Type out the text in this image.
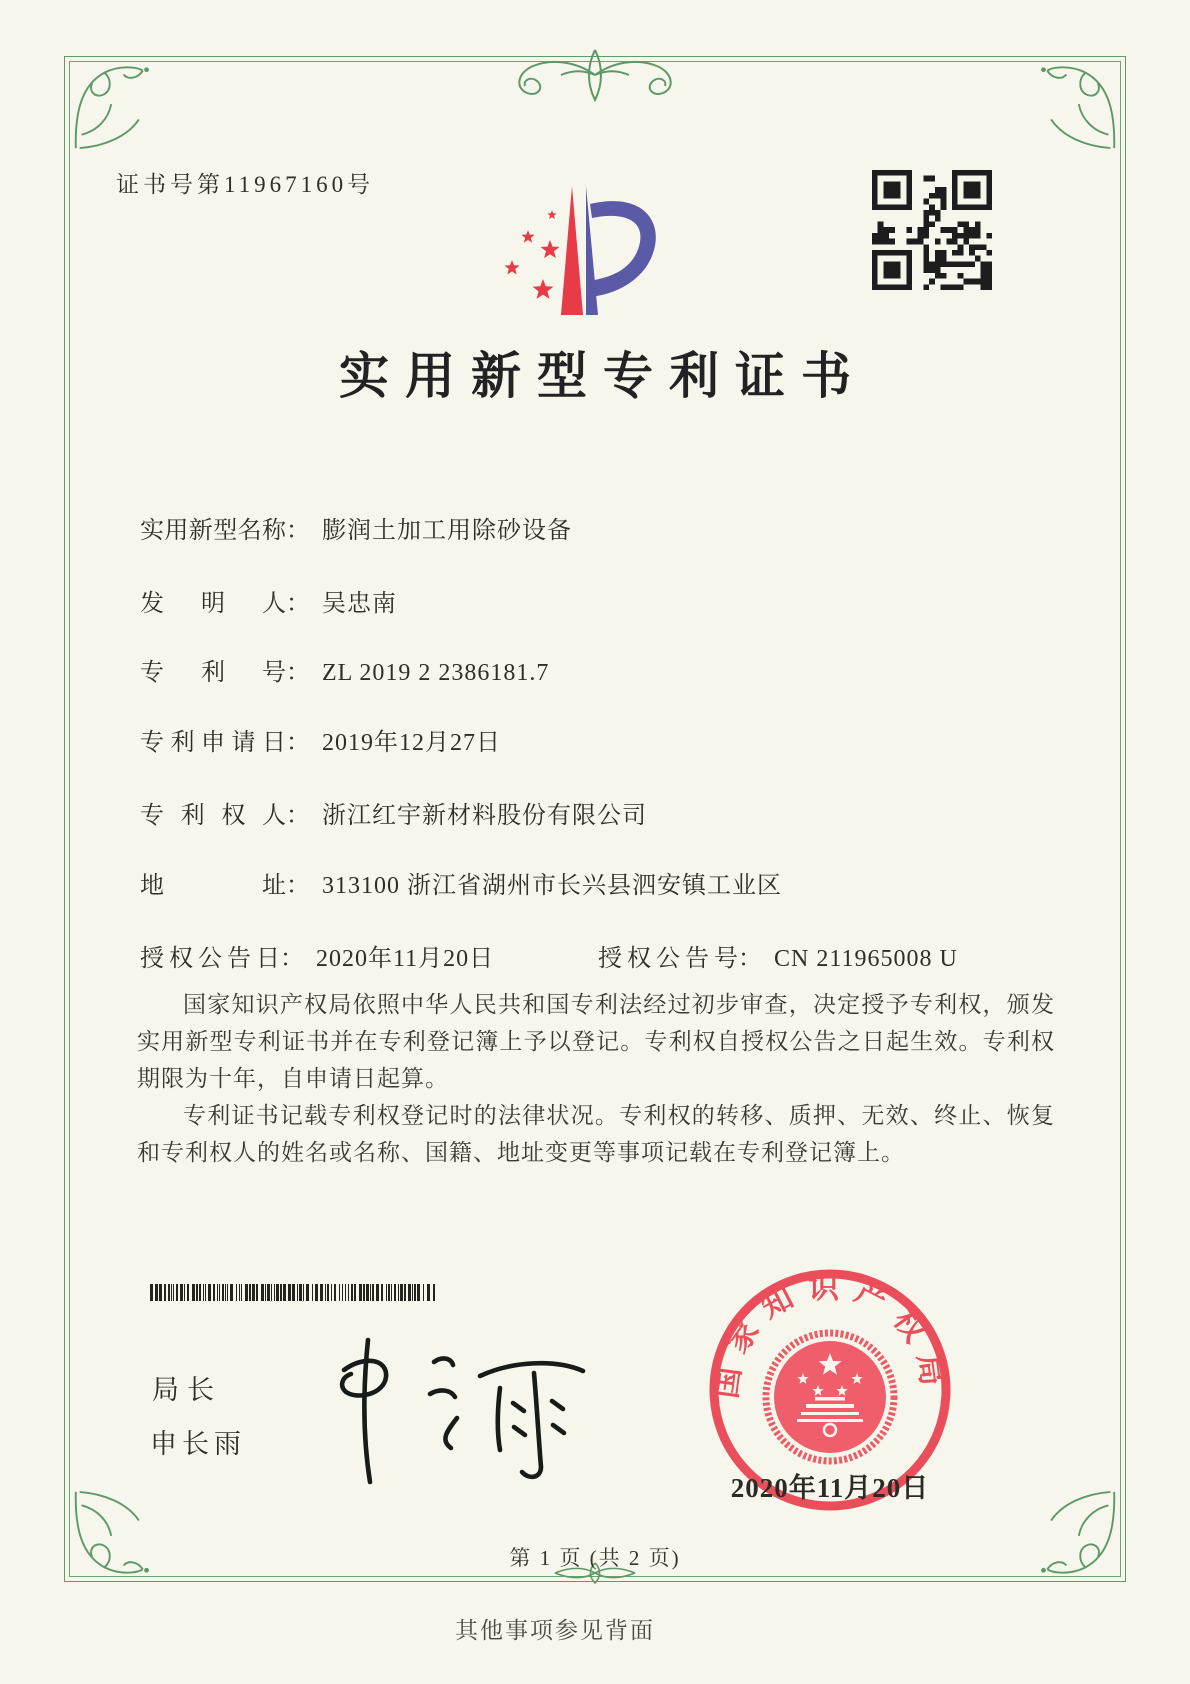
证书号第11967160号
实用新型专利证书
实用新型名称： 膨润土加工用除砂设备
发明人： 吴忠南
专利号： ZL 2019 2 2386181.7
专利申请日： 2019年12月27日
专利权人： 浙江红宇新材料股份有限公司
地址： 313100 浙江省湖州市长兴县泗安镇工业区
授权公告日： 2020年11月20日	授权公告号： CN 211965008 U

国家知识产权局依照中华人民共和国专利法经过初步审查，决定授予专利权，颁发实用新型专利证书并在专利登记簿上予以登记。专利权自授权公告之日起生效。专利权期限为十年，自申请日起算。

专利证书记载专利权登记时的法律状况。专利权的转移、质押、无效、终止、恢复和专利权人的姓名或名称、国籍、地址变更等事项记载在专利登记簿上。

局长
申长雨
国家知识产权局
2020年11月20日
第 1 页 (共 2 页)
其他事项参见背面
